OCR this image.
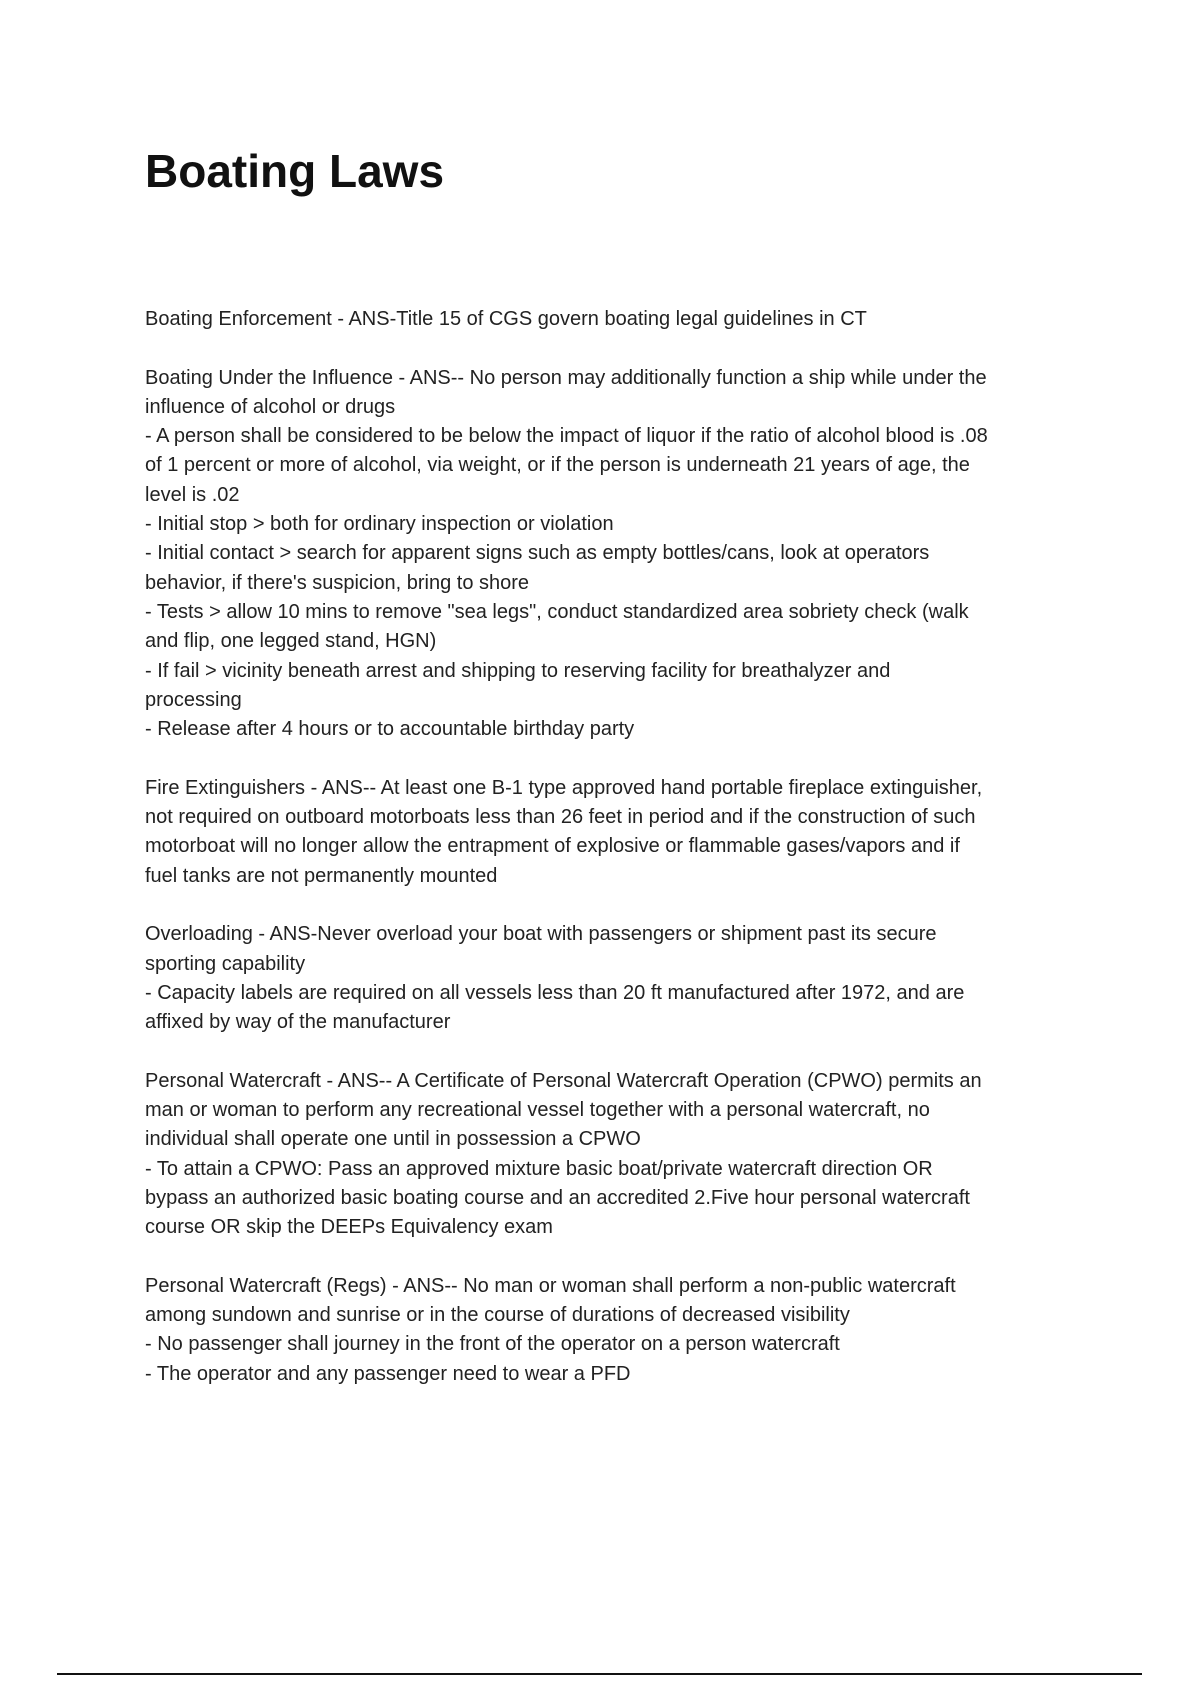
Boating Laws

Boating Enforcement - ANS-Title 15 of CGS govern boating legal guidelines in CT

Boating Under the Influence - ANS-- No person may additionally function a ship while under the
influence of alcohol or drugs
- A person shall be considered to be below the impact of liquor if the ratio of alcohol blood is .08
of 1 percent or more of alcohol, via weight, or if the person is underneath 21 years of age, the
level is .02
- Initial stop > both for ordinary inspection or violation
- Initial contact > search for apparent signs such as empty bottles/cans, look at operators
behavior, if there's suspicion, bring to shore
- Tests > allow 10 mins to remove "sea legs", conduct standardized area sobriety check (walk
and flip, one legged stand, HGN)
- If fail > vicinity beneath arrest and shipping to reserving facility for breathalyzer and
processing
- Release after 4 hours or to accountable birthday party

Fire Extinguishers - ANS-- At least one B-1 type approved hand portable fireplace extinguisher,
not required on outboard motorboats less than 26 feet in period and if the construction of such
motorboat will no longer allow the entrapment of explosive or flammable gases/vapors and if
fuel tanks are not permanently mounted

Overloading - ANS-Never overload your boat with passengers or shipment past its secure
sporting capability
- Capacity labels are required on all vessels less than 20 ft manufactured after 1972, and are
affixed by way of the manufacturer

Personal Watercraft - ANS-- A Certificate of Personal Watercraft Operation (CPWO) permits an
man or woman to perform any recreational vessel together with a personal watercraft, no
individual shall operate one until in possession a CPWO
- To attain a CPWO: Pass an approved mixture basic boat/private watercraft direction OR
bypass an authorized basic boating course and an accredited 2.Five hour personal watercraft
course OR skip the DEEPs Equivalency exam

Personal Watercraft (Regs) - ANS-- No man or woman shall perform a non-public watercraft
among sundown and sunrise or in the course of durations of decreased visibility
- No passenger shall journey in the front of the operator on a person watercraft
- The operator and any passenger need to wear a PFD
